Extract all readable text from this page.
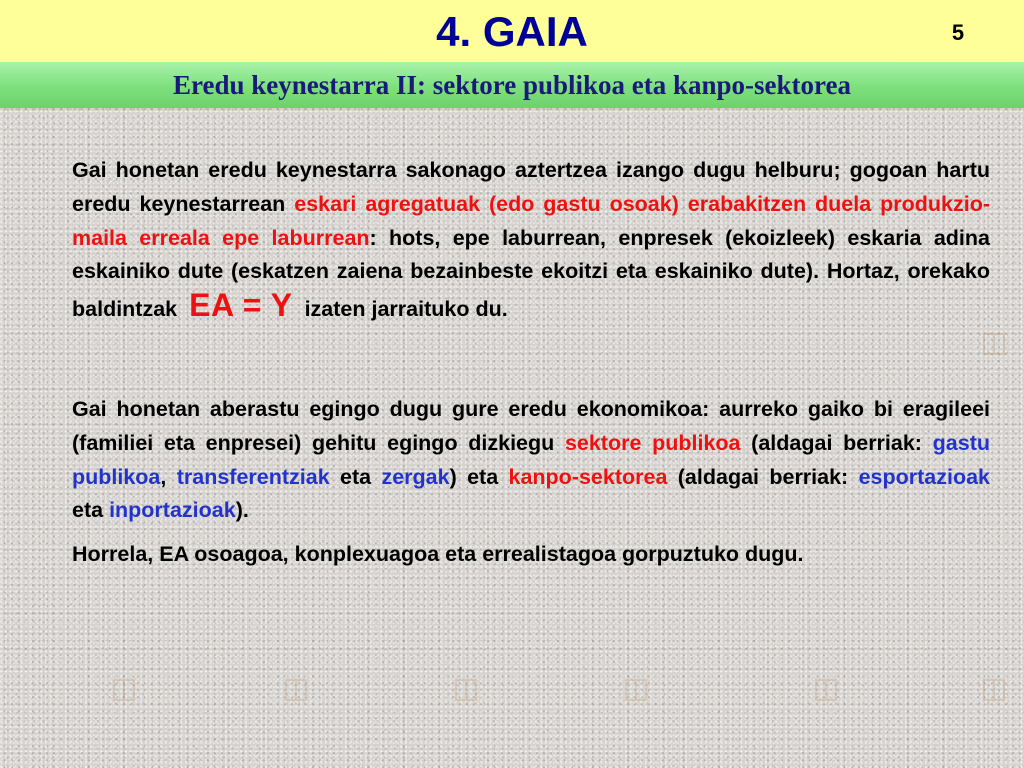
4. GAIA	5
Eredu keynestarra II: sektore publikoa eta kanpo-sektorea

Gai honetan eredu keynestarra sakonago aztertzea izango dugu helburu; gogoan hartu eredu keynestarrean eskari agregatuak (edo gastu osoak) erabakitzen duela produkzio-maila erreala epe laburrean: hots, epe laburrean, enpresek (ekoizleek) eskaria adina eskainiko dute (eskatzen zaiena bezainbeste ekoitzi eta eskainiko dute). Hortaz, orekako baldintzak EA = Y izaten jarraituko du.

Gai honetan aberastu egingo dugu gure eredu ekonomikoa: aurreko gaiko bi eragileei (familiei eta enpresei) gehitu egingo dizkiegu sektore publikoa (aldagai berriak: gastu publikoa, transferentziak eta zergak) eta kanpo-sektorea (aldagai berriak: esportazioak eta inportazioak).

Horrela, EA osoagoa, konplexuagoa eta errealistagoa gorpuztuko dugu.
